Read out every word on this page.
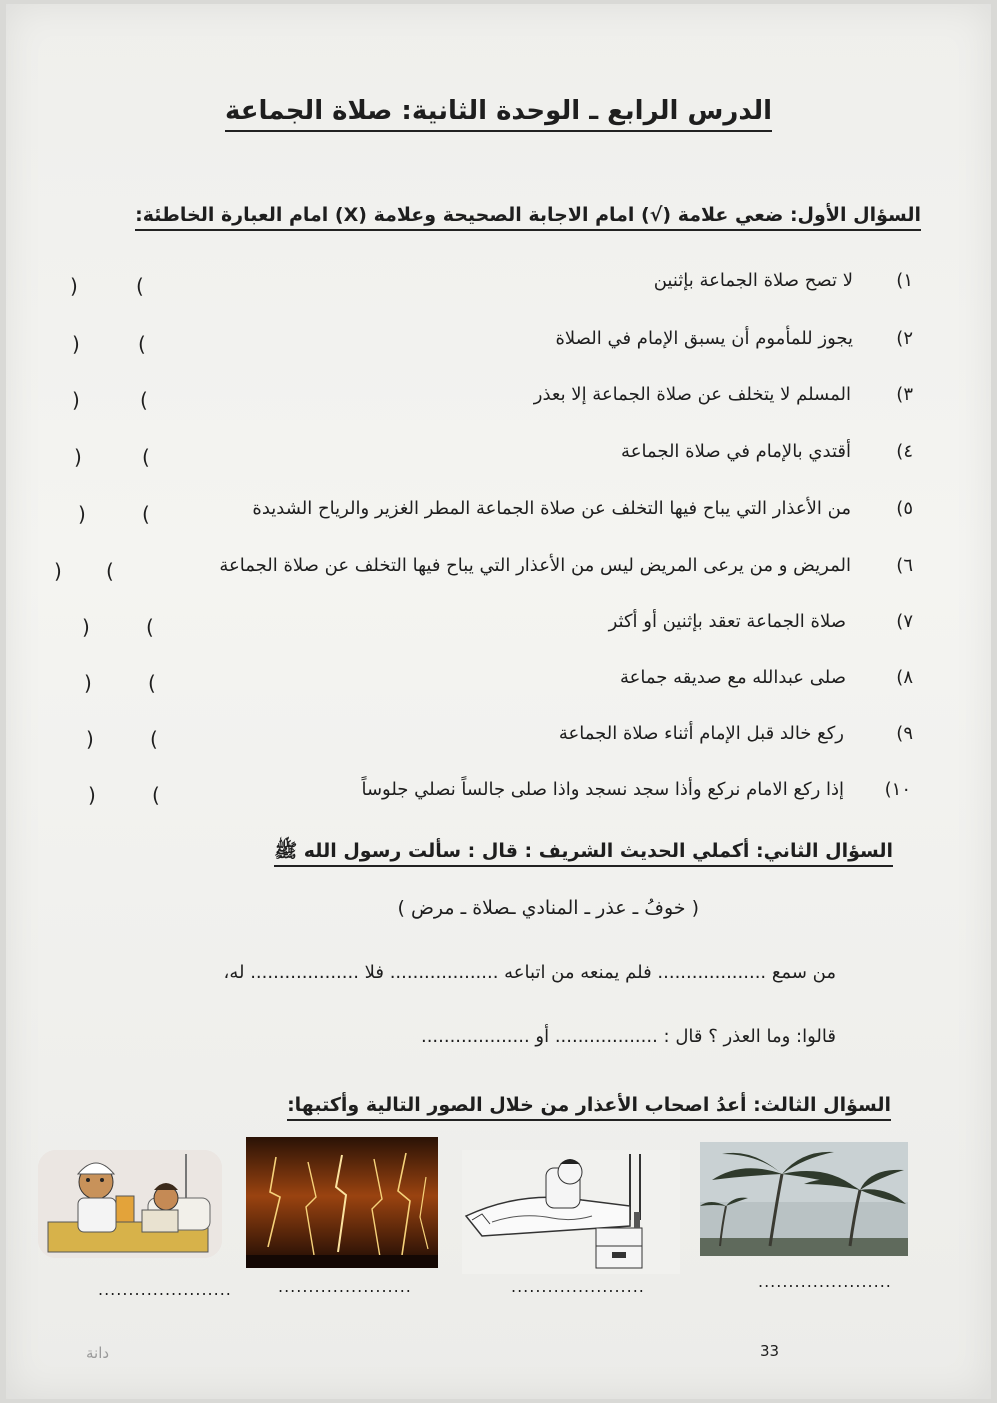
الدرس الرابع ـ الوحدة الثانية: صلاة الجماعة
السؤال الأول: ضعي علامة (√) امام الاجابة الصحيحة وعلامة (X) امام العبارة الخاطئة:
السؤال الثاني: أكملي الحديث الشريف : قال : سألت رسول الله ﷺ
( خوفُ ـ عذر ـ المنادي ـصلاة ـ مرض )
من سمع ................... فلم يمنعه من اتباعه ................... فلا ................... له،
قالوا: وما العذر ؟ قال : .................. أو ...................
السؤال الثالث: أعدُ اصحاب الأعذار من خلال الصور التالية وأكتبها:
......................	......................	......................	......................
33
دانة
١)
لا تصح صلاة الجماعة بإثنين
(
)
٢)
يجوز للمأموم أن يسبق الإمام في الصلاة
(
)
٣)
المسلم لا يتخلف عن صلاة الجماعة إلا بعذر
(
)
٤)
أقتدي بالإمام في صلاة الجماعة
(
)
٥)
من الأعذار التي يباح فيها التخلف عن صلاة الجماعة المطر الغزير والرياح الشديدة
(
)
٦)
المريض و من يرعى المريض ليس من الأعذار التي يباح فيها التخلف عن صلاة الجماعة
(
)
٧)
صلاة الجماعة تعقد بإثنين أو أكثر
(
)
٨)
صلى عبدالله مع صديقه جماعة
(
)
٩)
ركع خالد قبل الإمام أثناء صلاة الجماعة
(
)
١٠)
إذا ركع الامام نركع وأذا سجد نسجد واذا صلى جالساً نصلي جلوساً
(
)
